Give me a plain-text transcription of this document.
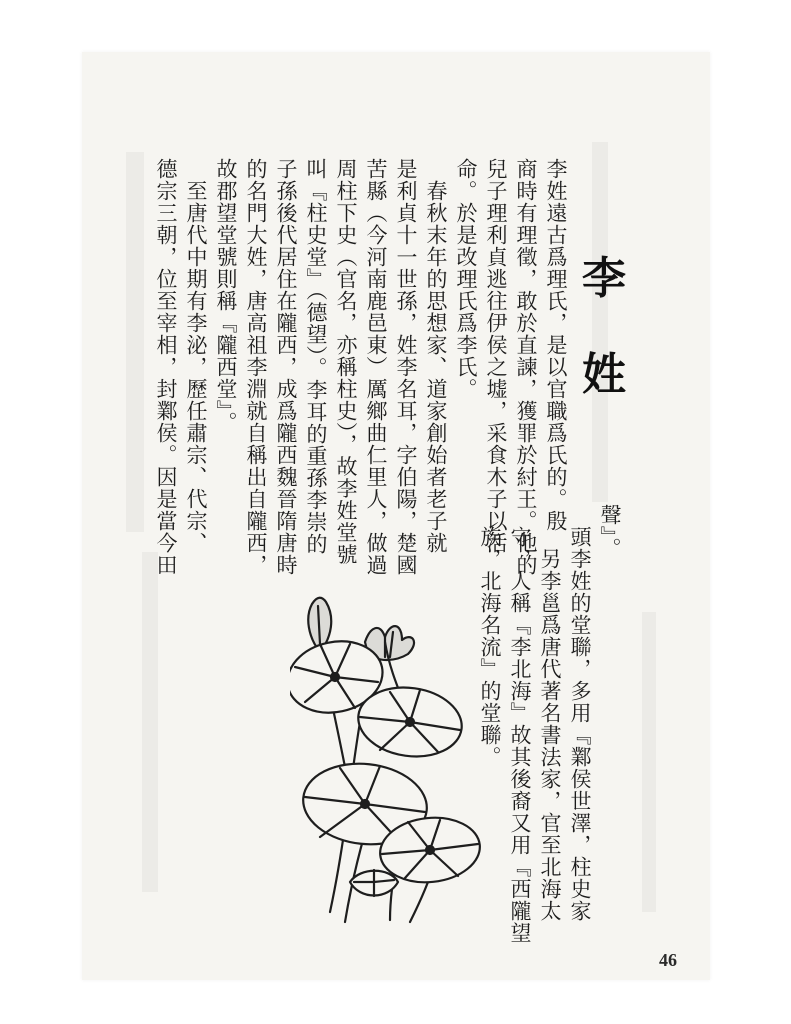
李
姓
李姓遠古爲理氏，是以官職爲氏的。殷
商時有理徵，敢於直諫，獲罪於紂王。他的
兒子理利貞逃往伊侯之墟，采食木子以活
命。於是改理氏爲李氏。
　春秋末年的思想家、道家創始者老子就
是利貞十一世孫，姓李名耳，字伯陽，楚國
苦縣（今河南鹿邑東）厲鄉曲仁里人，做過
周柱下史（官名，亦稱柱史），故李姓堂號
叫『柱史堂』（德望）。李耳的重孫李崇的
子孫後代居住在隴西，成爲隴西魏晉隋唐時
的名門大姓，唐高祖李淵就自稱出自隴西，
故郡望堂號則稱『隴西堂』。
　至唐代中期有李泌，歷任肅宗、代宗、
德宗三朝，位至宰相，封鄴侯。因是當今田	聲』。
頭李姓的堂聯，多用『鄴侯世澤，柱史家
　另李邕爲唐代著名書法家，官至北海太
守，人稱『李北海』故其後裔又用『西隴望
族，北海名流』的堂聯。
46
